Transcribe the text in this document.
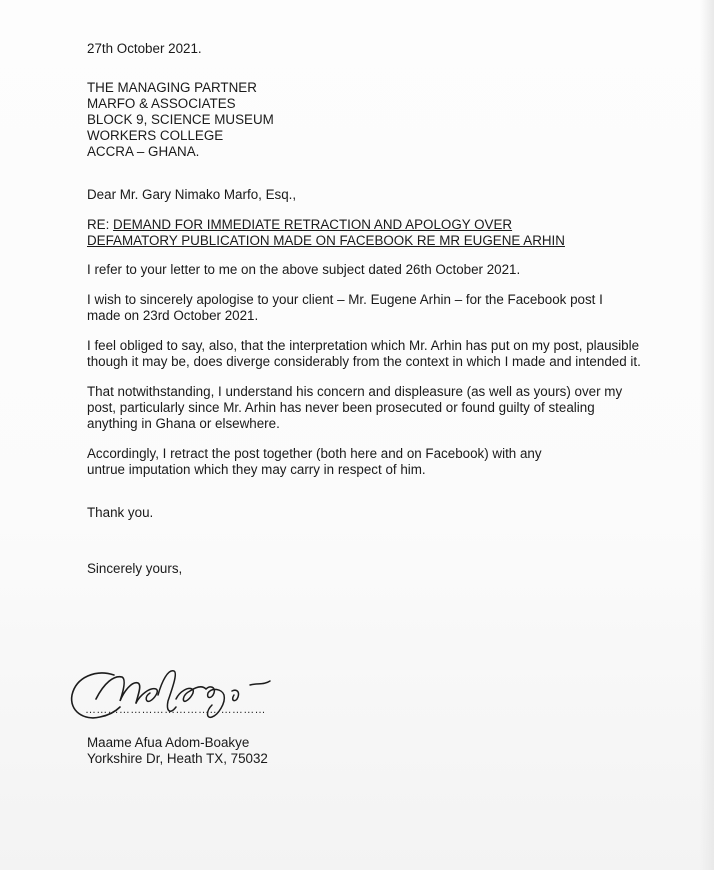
27th October 2021.
THE MANAGING PARTNER
MARFO & ASSOCIATES
BLOCK 9, SCIENCE MUSEUM
WORKERS COLLEGE
ACCRA – GHANA.
Dear Mr. Gary Nimako Marfo, Esq.,
RE: DEMAND FOR IMMEDIATE RETRACTION AND APOLOGY OVER
DEFAMATORY PUBLICATION MADE ON FACEBOOK RE MR EUGENE ARHIN
I refer to your letter to me on the above subject dated 26th October 2021.
I wish to sincerely apologise to your client – Mr. Eugene Arhin – for the Facebook post I made on 23rd October 2021.
I feel obliged to say, also, that the interpretation which Mr. Arhin has put on my post, plausible though it may be, does diverge considerably from the context in which I made and intended it.
That notwithstanding, I understand his concern and displeasure (as well as yours) over my post, particularly since Mr. Arhin has never been prosecuted or found guilty of stealing anything in Ghana or elsewhere.
Accordingly, I retract the post together (both here and on Facebook) with any untrue imputation which they may carry in respect of him.
Thank you.
Sincerely yours,
…………………………………………
Maame Afua Adom-Boakye
Yorkshire Dr, Heath TX, 75032
